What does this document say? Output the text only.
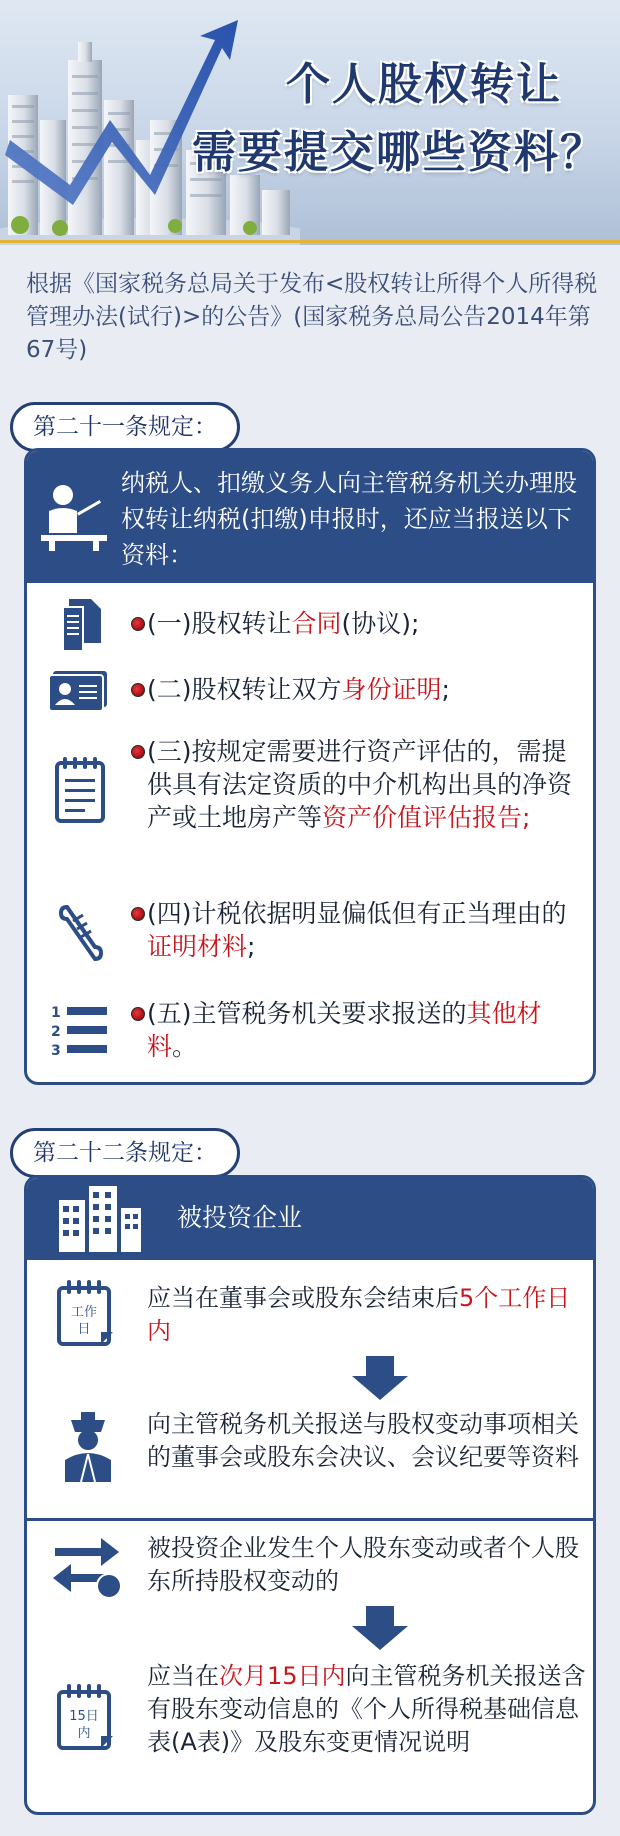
个人股权转让
需要提交哪些资料？
根据《国家税务总局关于发布<股权转让所得个人所得税管理办法(试行)>的公告》(国家税务总局公告2014年第67号)
第二十一条规定：
纳税人、扣缴义务人向主管税务机关办理股权转让纳税(扣缴)申报时，还应当报送以下资料：
(一)股权转让合同(协议);
(二)股权转让双方身份证明;
(三)按规定需要进行资产评估的，需提供具有法定资质的中介机构出具的净资产或土地房产等资产价值评估报告;
(四)计税依据明显偏低但有正当理由的证明材料;
1
2
3
(五)主管税务机关要求报送的其他材料。
第二十二条规定：
被投资企业
工作
日
应当在董事会或股东会结束后5个工作日内
向主管税务机关报送与股权变动事项相关的董事会或股东会决议、会议纪要等资料
被投资企业发生个人股东变动或者个人股东所持股权变动的
15日
内
应当在次月15日内向主管税务机关报送含有股东变动信息的《个人所得税基础信息表(A表)》及股东变更情况说明
